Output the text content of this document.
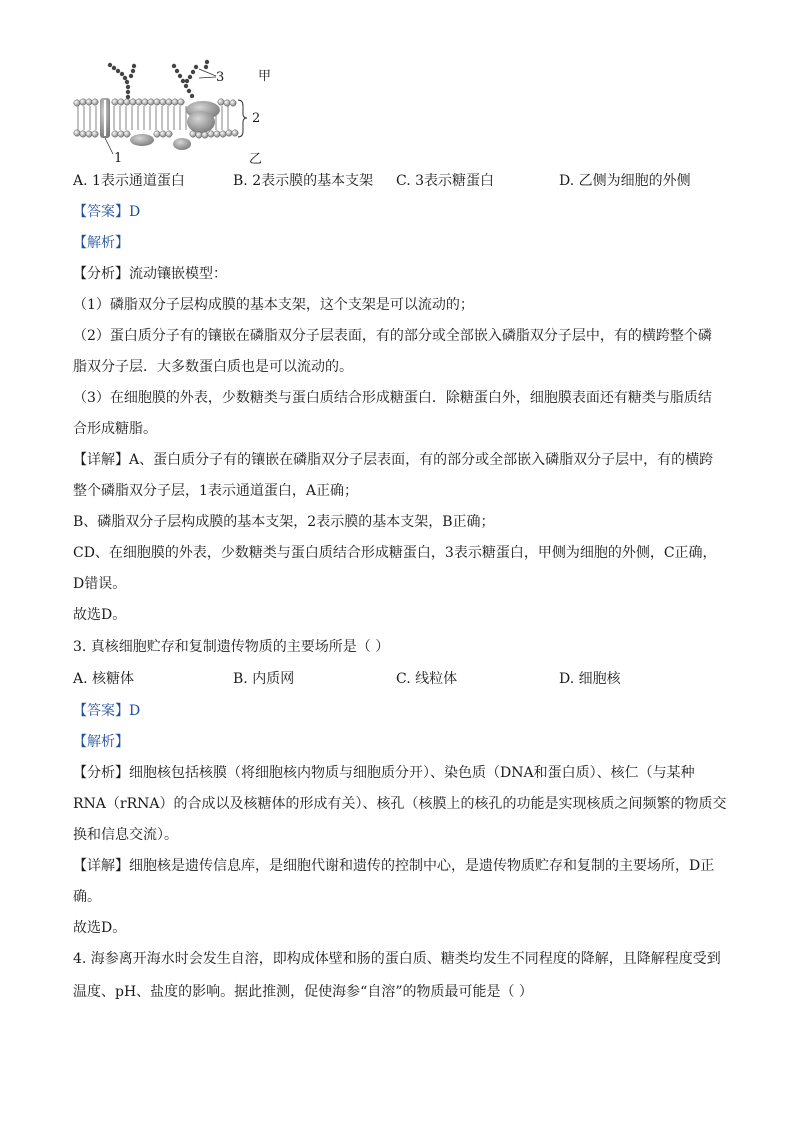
3	甲
2
1	乙
A. 1表示通道蛋白	B. 2表示膜的基本支架 C. 3表示糖蛋白	D. 乙侧为细胞的外侧
【答案】D
【解析】
【分析】流动镶嵌模型：
（1）磷脂双分子层构成膜的基本支架，这个支架是可以流动的；
（2）蛋白质分子有的镶嵌在磷脂双分子层表面，有的部分或全部嵌入磷脂双分子层中，有的横跨整个磷
脂双分子层．大多数蛋白质也是可以流动的。
（3）在细胞膜的外表，少数糖类与蛋白质结合形成糖蛋白．除糖蛋白外，细胞膜表面还有糖类与脂质结
合形成糖脂。
【详解】A、蛋白质分子有的镶嵌在磷脂双分子层表面，有的部分或全部嵌入磷脂双分子层中，有的横跨
整个磷脂双分子层，1表示通道蛋白，A正确；
B、磷脂双分子层构成膜的基本支架，2表示膜的基本支架，B正确；
CD、在细胞膜的外表，少数糖类与蛋白质结合形成糖蛋白，3表示糖蛋白，甲侧为细胞的外侧，C正确，
D错误。
故选D。
3. 真核细胞贮存和复制遗传物质的主要场所是（ ）
A. 核糖体	B. 内质网	C. 线粒体	D. 细胞核
【答案】D
【解析】
【分析】细胞核包括核膜（将细胞核内物质与细胞质分开）、染色质（DNA和蛋白质）、核仁（与某种
RNA（rRNA）的合成以及核糖体的形成有关）、核孔（核膜上的核孔的功能是实现核质之间频繁的物质交
换和信息交流）。
【详解】细胞核是遗传信息库，是细胞代谢和遗传的控制中心，是遗传物质贮存和复制的主要场所，D正
确。
故选D。
4. 海参离开海水时会发生自溶，即构成体壁和肠的蛋白质、糖类均发生不同程度的降解，且降解程度受到
温度、pH、盐度的影响。据此推测，促使海参“自溶”的物质最可能是（ ）
